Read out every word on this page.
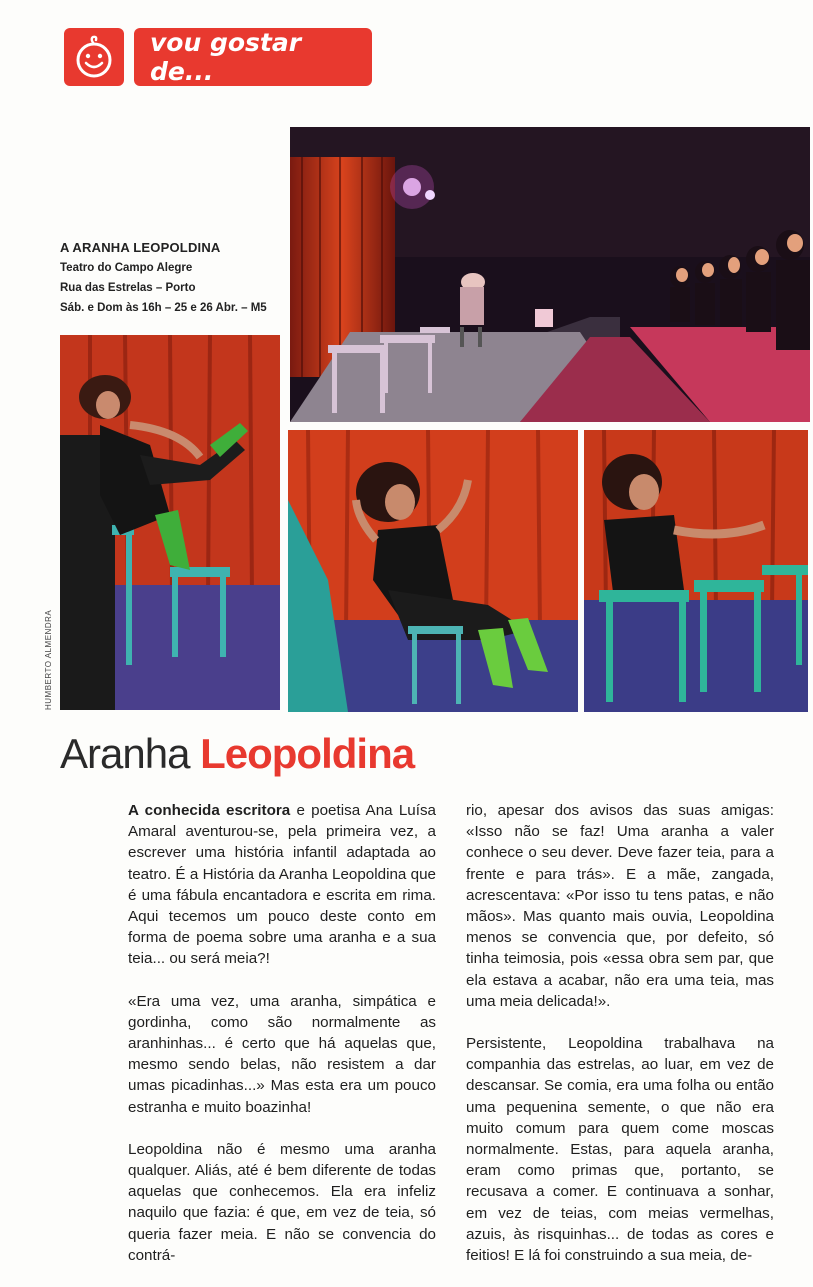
vou gostar de...
A ARANHA LEOPOLDINA
Teatro do Campo Alegre
Rua das Estrelas – Porto
Sáb. e Dom às 16h – 25 e 26 Abr. – M5
HUMBERTO ALMENDRA
Aranha Leopoldina

A conhecida escritora e poetisa Ana Luísa Amaral aventurou-se, pela primeira vez, a escrever uma história infantil adaptada ao teatro. É a História da Aranha Leopoldina que é uma fábula encantadora e escrita em rima. Aqui tecemos um pouco deste conto em forma de poema sobre uma aranha e a sua teia... ou será meia?!

«Era uma vez, uma aranha, simpática e gordinha, como são normalmente as aranhinhas... é certo que há aquelas que, mesmo sendo belas, não resistem a dar umas picadinhas...» Mas esta era um pouco estranha e muito boazinha!

Leopoldina não é mesmo uma aranha qualquer. Aliás, até é bem diferente de todas aquelas que conhecemos. Ela era infeliz naquilo que fazia: é que, em vez de teia, só queria fazer meia. E não se convencia do contrá-

rio, apesar dos avisos das suas amigas: «Isso não se faz! Uma aranha a valer conhece o seu dever. Deve fazer teia, para a frente e para trás». E a mãe, zangada, acrescentava: «Por isso tu tens patas, e não mãos». Mas quanto mais ouvia, Leopoldina menos se convencia que, por defeito, só tinha teimosia, pois «essa obra sem par, que ela estava a acabar, não era uma teia, mas uma meia delicada!».

Persistente, Leopoldina trabalhava na companhia das estrelas, ao luar, em vez de descansar. Se comia, era uma folha ou então uma pequenina semente, o que não era muito comum para quem come moscas normalmente. Estas, para aquela aranha, eram como primas que, portanto, se recusava a comer. E continuava a sonhar, em vez de teias, com meias vermelhas, azuis, às risquinhas... de todas as cores e feitios! E lá foi construindo a sua meia, de-
